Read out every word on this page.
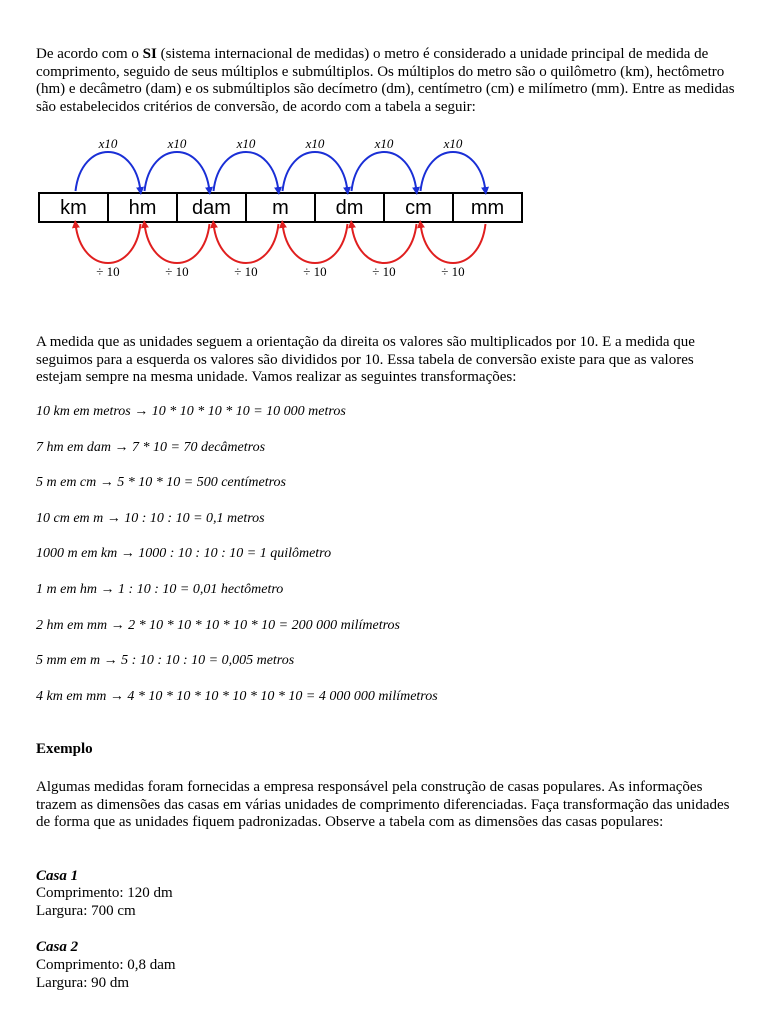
De acordo com o SI (sistema internacional de medidas) o metro é considerado a unidade principal de medida de comprimento, seguido de seus múltiplos e submúltiplos. Os múltiplos do metro são o quilômetro (km), hectômetro (hm) e decâmetro (dam) e os submúltiplos são decímetro (dm), centímetro (cm) e milímetro (mm). Entre as medidas são estabelecidos critérios de conversão, de acordo com a tabela a seguir:

km hm dam m dm cm mm
x10
÷ 10
x10
÷ 10
x10
÷ 10
x10
÷ 10
x10
÷ 10
x10
÷ 10

A medida que as unidades seguem a orientação da direita os valores são multiplicados por 10. E a medida que seguimos para a esquerda os valores são divididos por 10. Essa tabela de conversão existe para que as valores estejam sempre na mesma unidade. Vamos realizar as seguintes transformações:

10 km em metros → 10 * 10 * 10 * 10 = 10 000 metros
7 hm em dam → 7 * 10 = 70 decâmetros
5 m em cm → 5 * 10 * 10 = 500 centímetros
10 cm em m → 10 : 10 : 10 = 0,1 metros
1000 m em km → 1000 : 10 : 10 : 10 = 1 quilômetro
1 m em hm → 1 : 10 : 10 = 0,01 hectômetro
2 hm em mm → 2 * 10 * 10 * 10 * 10 * 10 = 200 000 milímetros
5 mm em m → 5 : 10 : 10 : 10 = 0,005 metros
4 km em mm → 4 * 10 * 10 * 10 * 10 * 10 * 10 = 4 000 000 milímetros
Exemplo

Algumas medidas foram fornecidas a empresa responsável pela construção de casas populares. As informações trazem as dimensões das casas em várias unidades de comprimento diferenciadas. Faça transformação das unidades de forma que as unidades fiquem padronizadas. Observe a tabela com as dimensões das casas populares:

Casa 1
Comprimento: 120 dm
Largura: 700 cm
Casa 2
Comprimento: 0,8 dam
Largura: 90 dm
